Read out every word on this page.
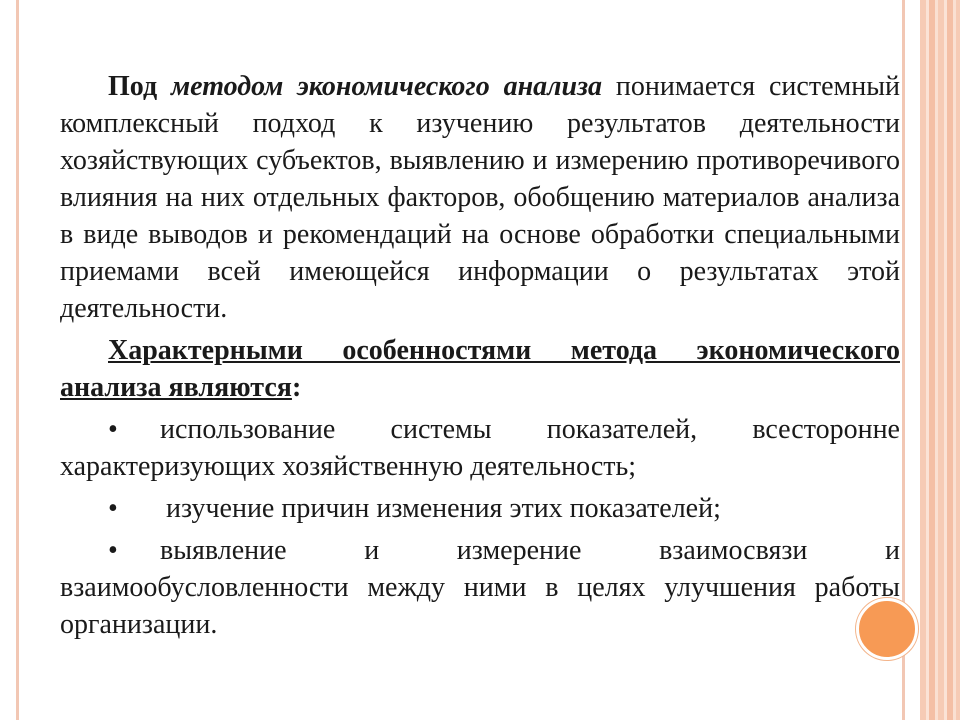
Под методом экономического анализа понимается системный комплексный подход к изучению результатов деятельности хозяйствующих субъектов, выявлению и измерению противоречивого влияния на них отдельных факторов, обобщению материалов анализа в виде выводов и рекомендаций на основе обработки специальными приемами всей имеющейся информации о результатах этой деятельности.

Характерными особенностями метода экономического анализа являются:

• использование системы показателей, всесторонне характеризующих хозяйственную деятельность;

• изучение причин изменения этих показателей;

• выявление и измерение взаимосвязи и взаимообусловленности между ними в целях улучшения работы организации.
